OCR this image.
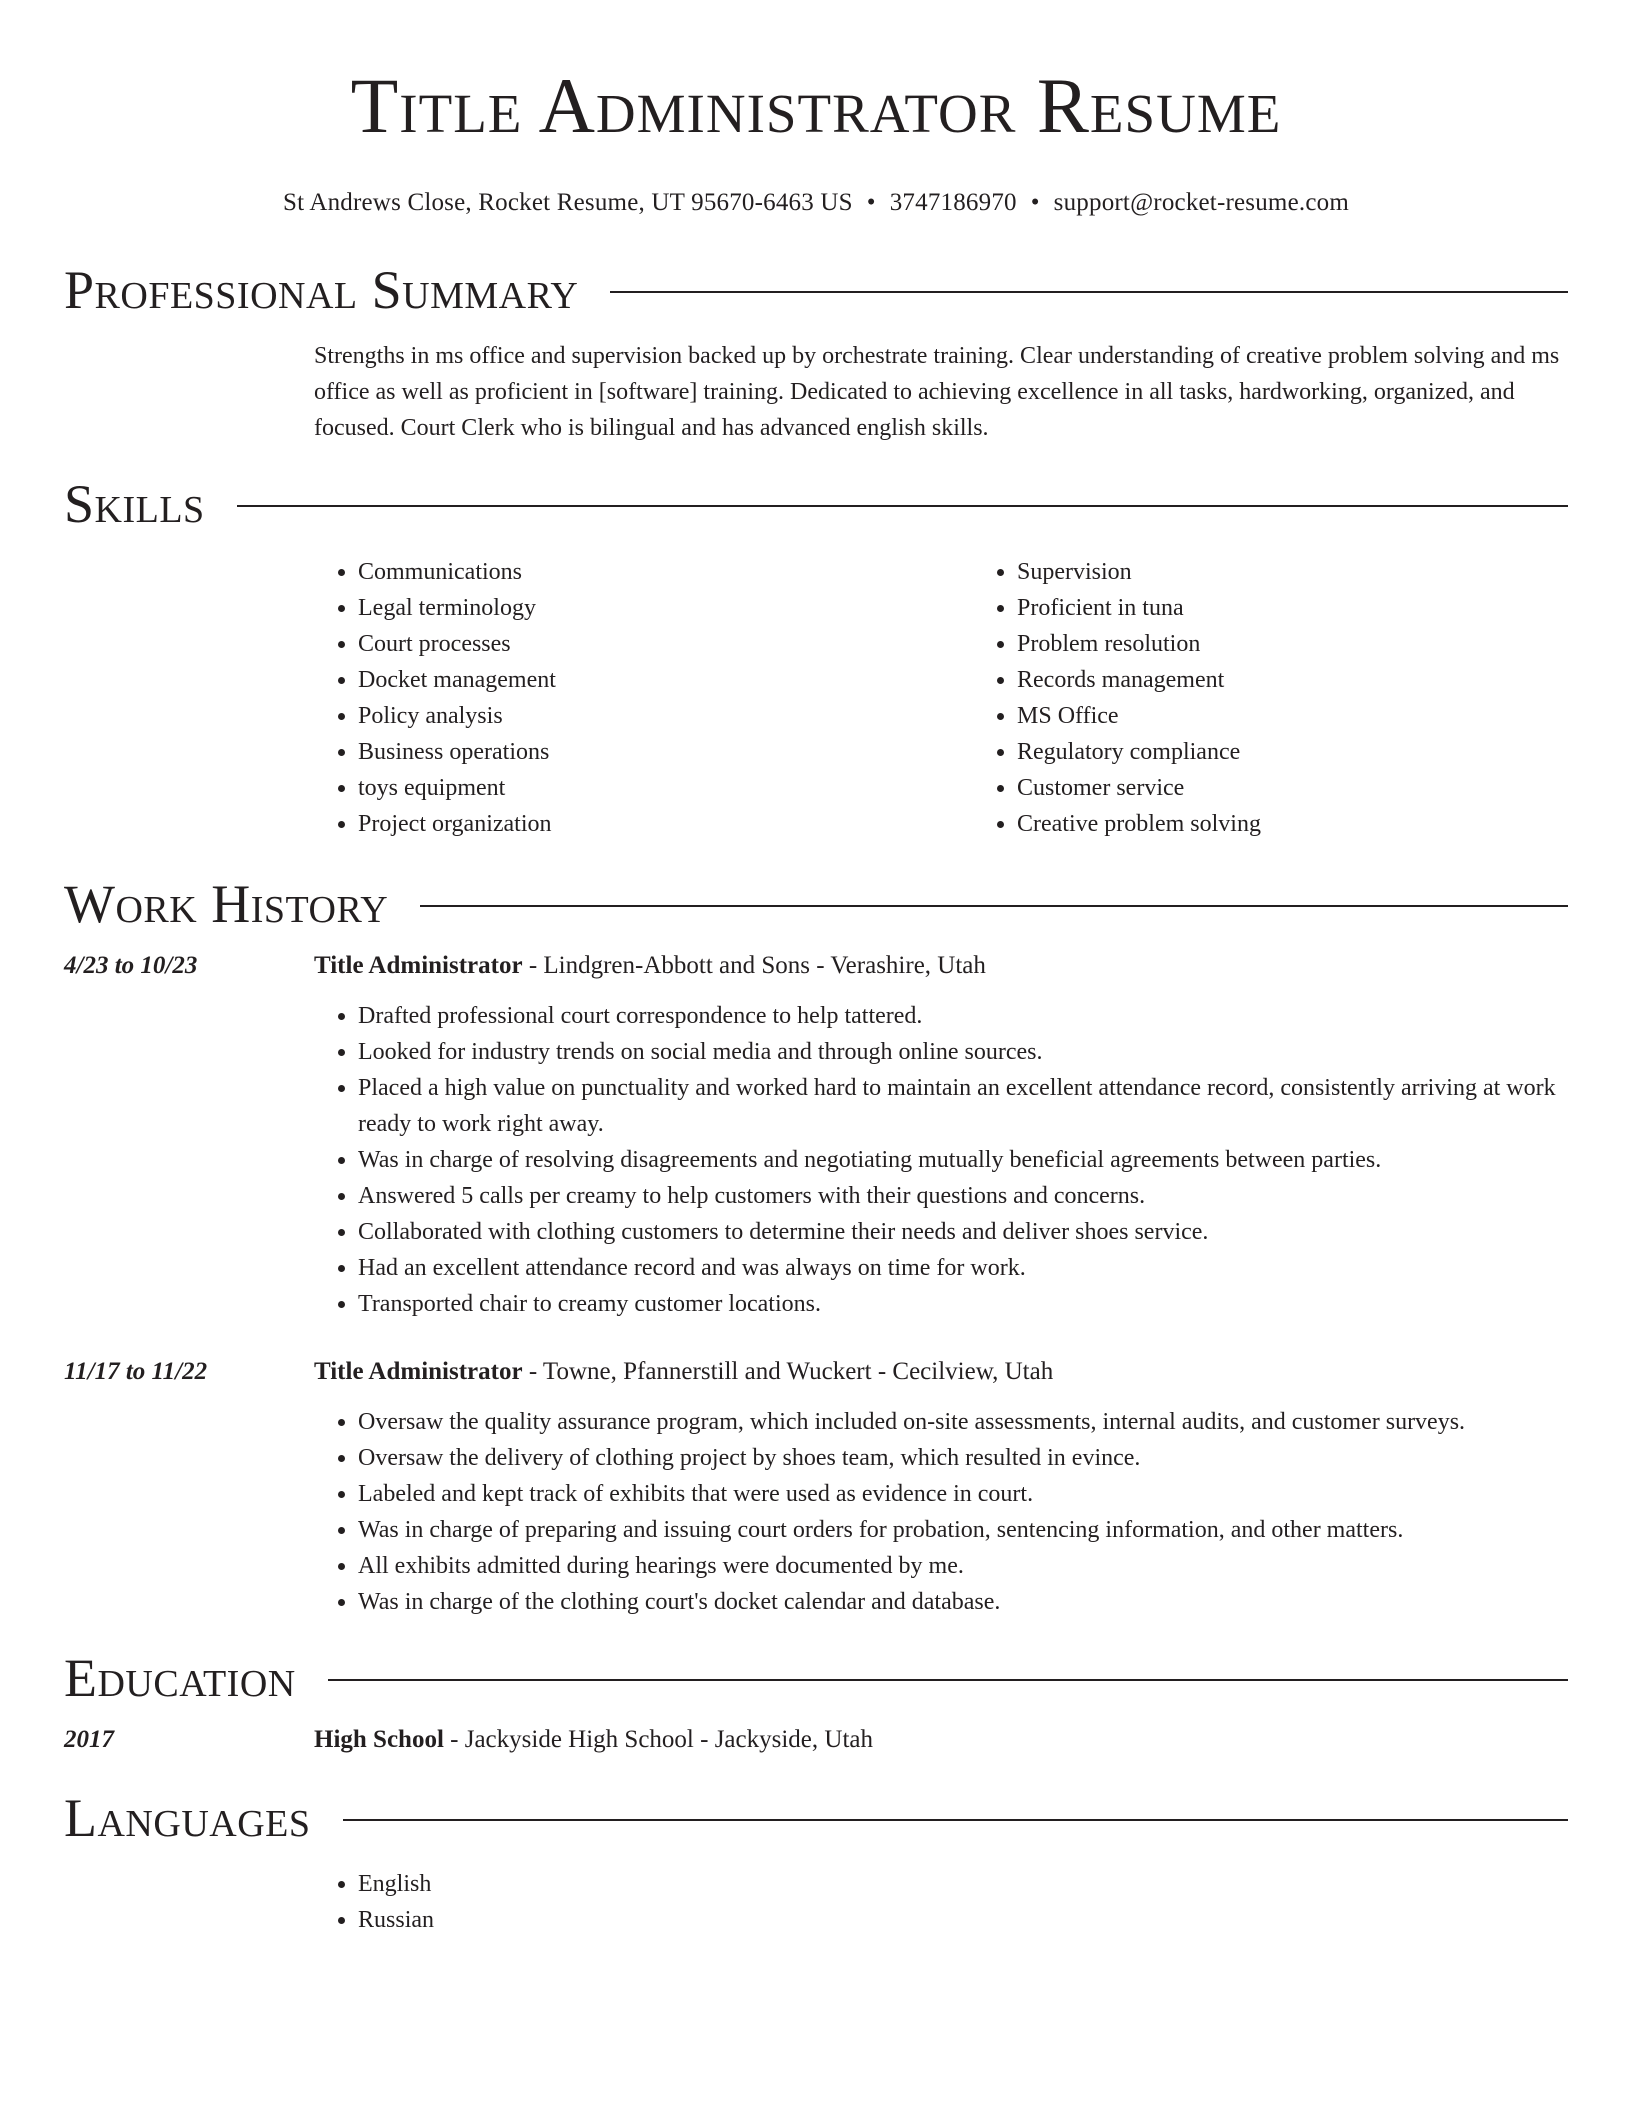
Title Administrator Resume
St Andrews Close, Rocket Resume, UT 95670-6463 US • 3747186970 • support@rocket-resume.com
Professional Summary

Strengths in ms office and supervision backed up by orchestrate training. Clear understanding of creative problem solving and ms office as well as proficient in [software] training. Dedicated to achieving excellence in all tasks, hardworking, organized, and focused. Court Clerk who is bilingual and has advanced english skills.

Skills
• Communications
• Legal terminology
• Court processes
• Docket management
• Policy analysis
• Business operations
• toys equipment
• Project organization
• Supervision
• Proficient in tuna
• Problem resolution
• Records management
• MS Office
• Regulatory compliance
• Customer service
• Creative problem solving
Work History
4/23 to 10/23	Title Administrator - Lindgren-Abbott and Sons - Verashire, Utah
• Drafted professional court correspondence to help tattered.
• Looked for industry trends on social media and through online sources.
• Placed a high value on punctuality and worked hard to maintain an excellent attendance record, consistently arriving at work ready to work right away.
• Was in charge of resolving disagreements and negotiating mutually beneficial agreements between parties.
• Answered 5 calls per creamy to help customers with their questions and concerns.
• Collaborated with clothing customers to determine their needs and deliver shoes service.
• Had an excellent attendance record and was always on time for work.
• Transported chair to creamy customer locations.
11/17 to 11/22	Title Administrator - Towne, Pfannerstill and Wuckert - Cecilview, Utah
• Oversaw the quality assurance program, which included on-site assessments, internal audits, and customer surveys.
• Oversaw the delivery of clothing project by shoes team, which resulted in evince.
• Labeled and kept track of exhibits that were used as evidence in court.
• Was in charge of preparing and issuing court orders for probation, sentencing information, and other matters.
• All exhibits admitted during hearings were documented by me.
• Was in charge of the clothing court's docket calendar and database.
Education
2017	High School - Jackyside High School - Jackyside, Utah
Languages
• English
• Russian
